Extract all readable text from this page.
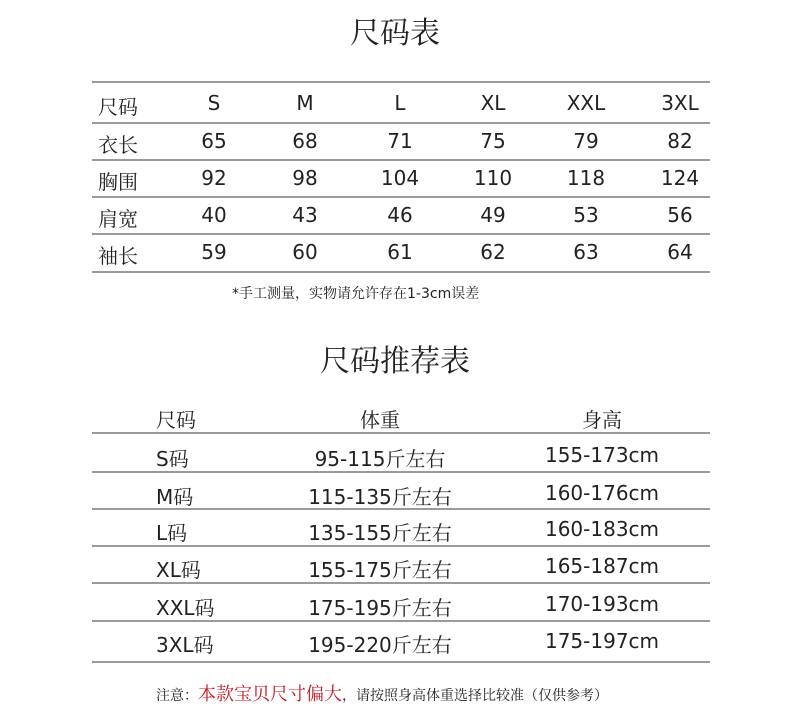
尺码表
尺码	S	M	L	XL	XXL	3XL
衣长	65	68	71	75	79	82
胸围	92	98	104	110	118	124
肩宽	40	43	46	49	53	56
袖长	59	60	61	62	63	64
*手工测量，实物请允许存在1-3cm误差
尺码推荐表
尺码	体重	身高
S码	95-115斤左右	155-173cm
M码	115-135斤左右	160-176cm
L码	135-155斤左右	160-183cm
XL码	155-175斤左右	165-187cm
XXL码	175-195斤左右	170-193cm
3XL码	195-220斤左右	175-197cm
注意：本款宝贝尺寸偏大，请按照身高体重选择比较准（仅供参考）
